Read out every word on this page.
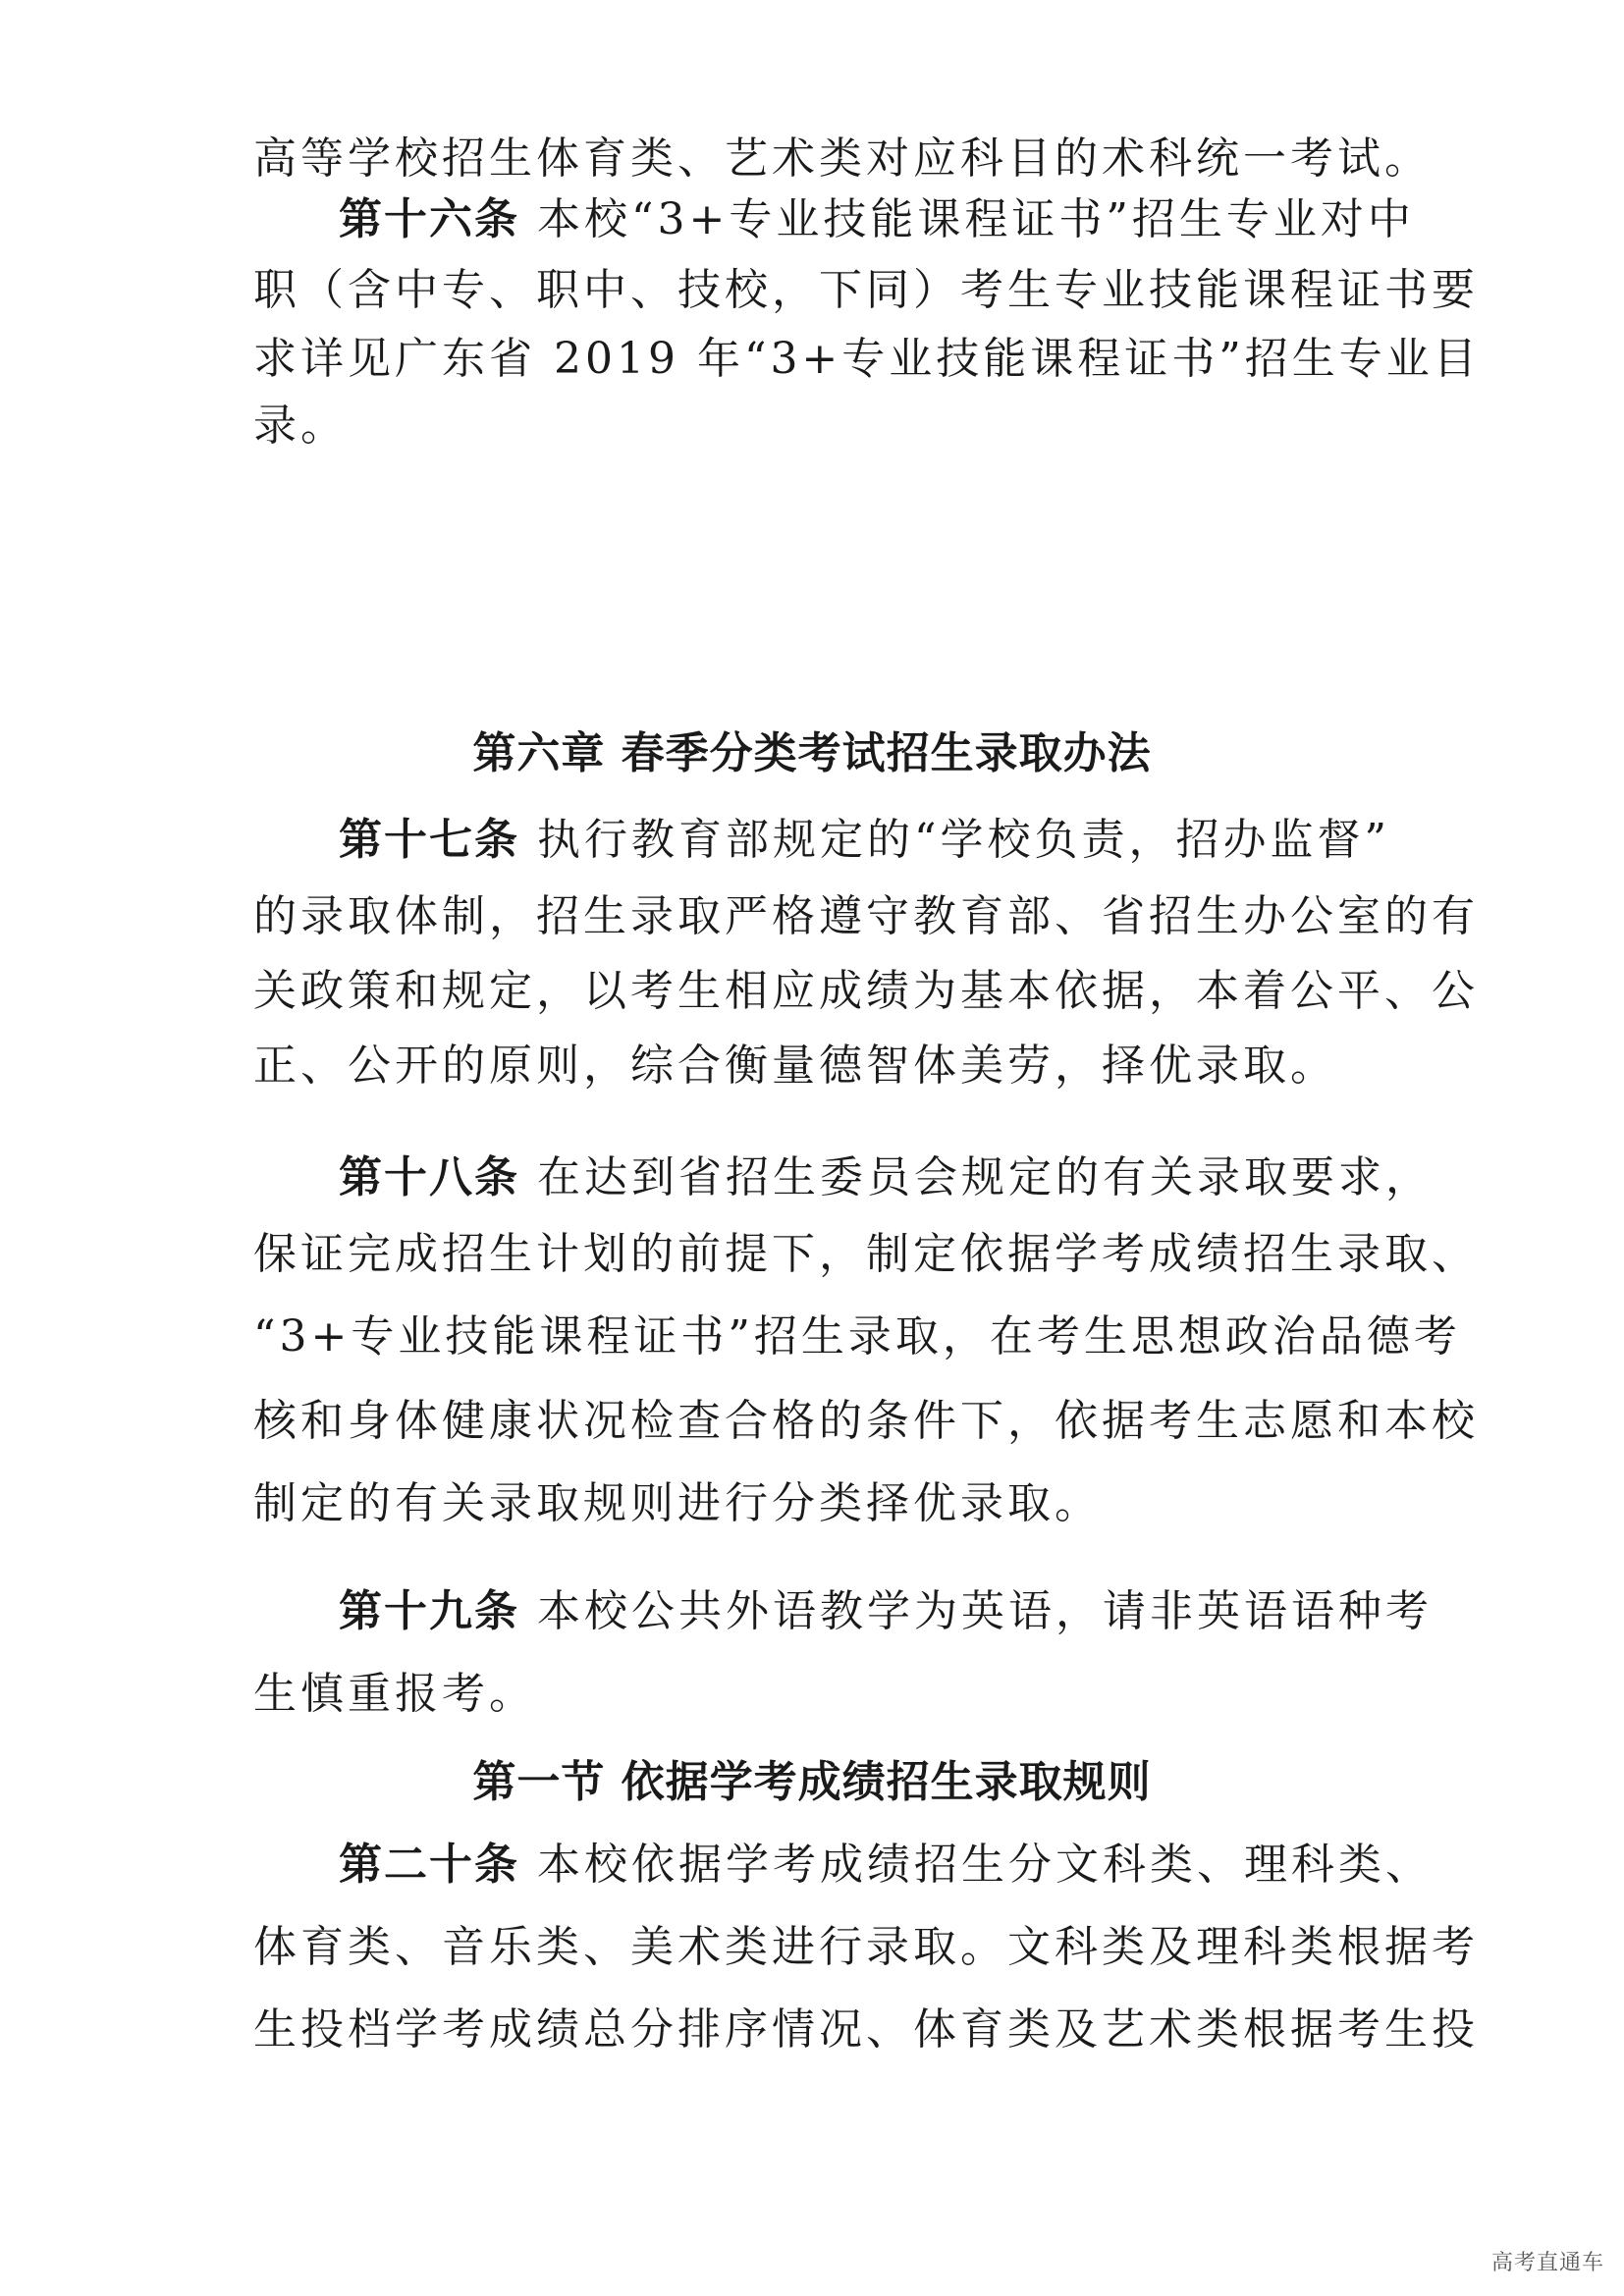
高等学校招生体育类、艺术类对应科目的术科统一考试。
第十六条 本校“3+专业技能课程证书”招生专业对中
职（含中专、职中、技校，下同）考生专业技能课程证书要
求详见广东省 2019 年“3+专业技能课程证书”招生专业目
录。
第六章 春季分类考试招生录取办法
第十七条 执行教育部规定的“学校负责，招办监督”
的录取体制，招生录取严格遵守教育部、省招生办公室的有
关政策和规定，以考生相应成绩为基本依据，本着公平、公
正、公开的原则，综合衡量德智体美劳，择优录取。
第十八条 在达到省招生委员会规定的有关录取要求，
保证完成招生计划的前提下，制定依据学考成绩招生录取、
“3+专业技能课程证书”招生录取，在考生思想政治品德考
核和身体健康状况检查合格的条件下，依据考生志愿和本校
制定的有关录取规则进行分类择优录取。
第十九条 本校公共外语教学为英语，请非英语语种考
生慎重报考。
第一节 依据学考成绩招生录取规则
第二十条 本校依据学考成绩招生分文科类、理科类、
体育类、音乐类、美术类进行录取。文科类及理科类根据考
生投档学考成绩总分排序情况、体育类及艺术类根据考生投
高考直通车
